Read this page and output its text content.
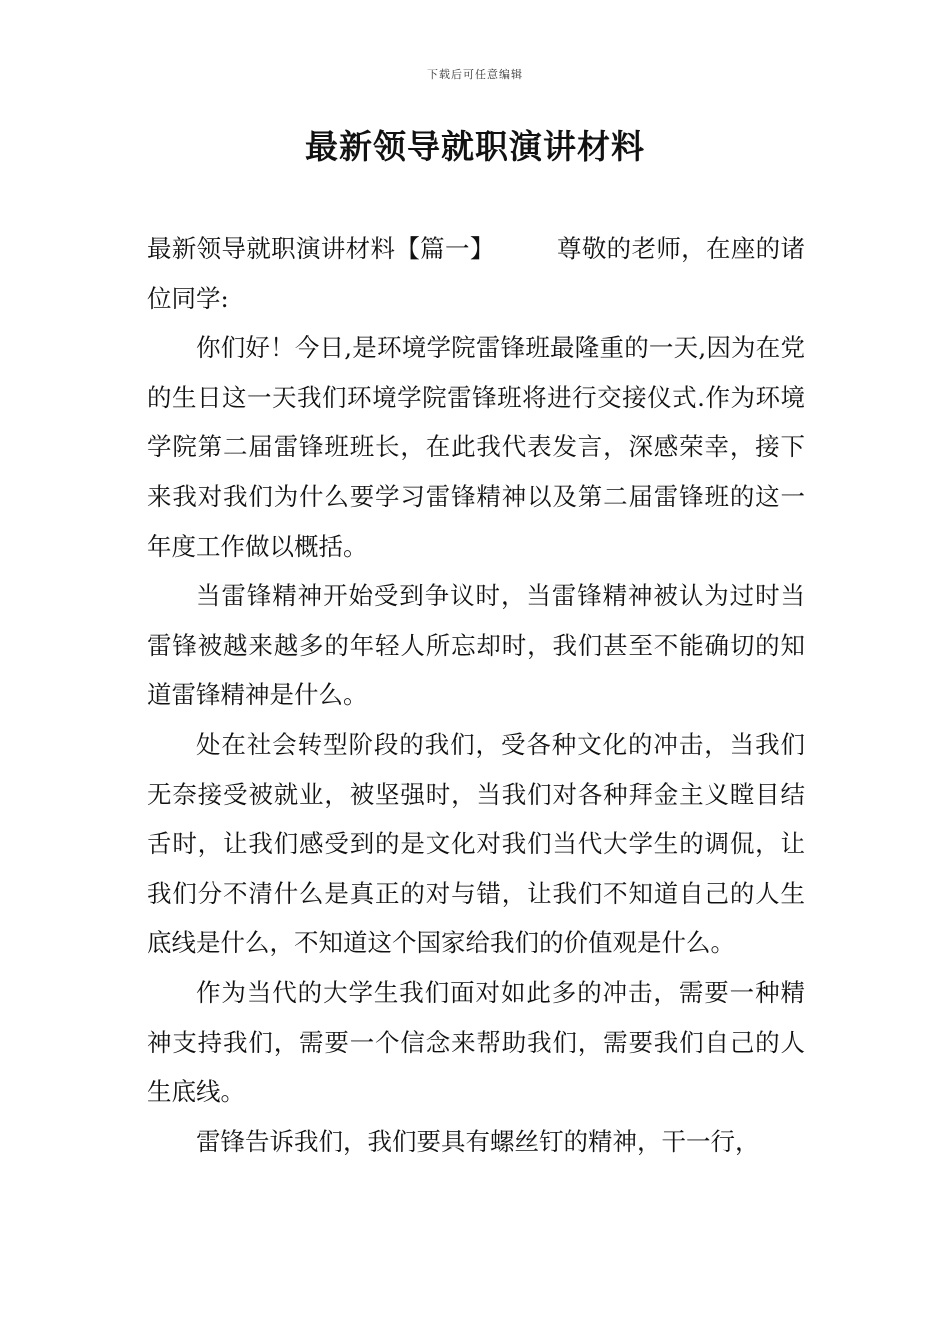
下载后可任意编辑
最新领导就职演讲材料

最新领导就职演讲材料【篇一】	尊敬的老师，在座的诸位同学:

你们好！今日,是环境学院雷锋班最隆重的一天,因为在党的生日这一天我们环境学院雷锋班将进行交接仪式.作为环境学院第二届雷锋班班长，在此我代表发言，深感荣幸，接下来我对我们为什么要学习雷锋精神以及第二届雷锋班的这一年度工作做以概括。

当雷锋精神开始受到争议时，当雷锋精神被认为过时当雷锋被越来越多的年轻人所忘却时，我们甚至不能确切的知道雷锋精神是什么。

处在社会转型阶段的我们，受各种文化的冲击，当我们无奈接受被就业，被坚强时，当我们对各种拜金主义瞠目结舌时，让我们感受到的是文化对我们当代大学生的调侃，让我们分不清什么是真正的对与错，让我们不知道自己的人生底线是什么，不知道这个国家给我们的价值观是什么。

作为当代的大学生我们面对如此多的冲击，需要一种精神支持我们，需要一个信念来帮助我们，需要我们自己的人生底线。

雷锋告诉我们，我们要具有螺丝钉的精神，干一行，
